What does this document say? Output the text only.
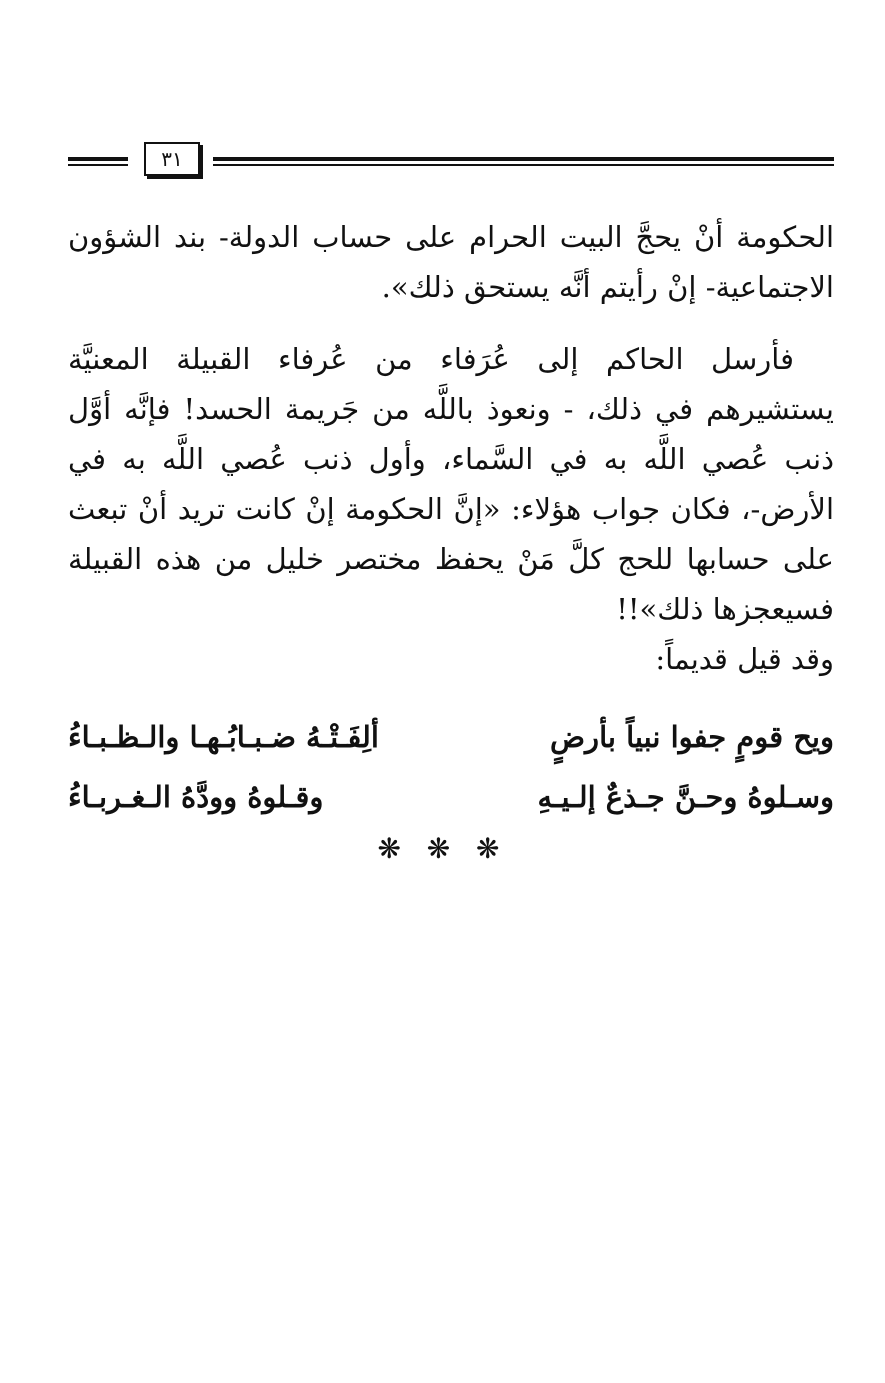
٣١

الحكومة أنْ يحجَّ البيت الحرام على حساب الدولة- بند الشؤون الاجتماعية- إنْ رأيتم أنَّه يستحق ذلك».

فأرسل الحاكم إلى عُرَفاء من عُرفاء القبيلة المعنيَّة يستشيرهم في ذلك، - ونعوذ باللَّه من جَريمة الحسد! فإنَّه أوَّل ذنب عُصي اللَّه به في السَّماء، وأول ذنب عُصي اللَّه به في الأرض-، فكان جواب هؤلاء: «إنَّ الحكومة إنْ كانت تريد أنْ تبعث على حسابها للحج كلَّ مَنْ يحفظ مختصر خليل من هذه القبيلة فسيعجزها ذلك»!!

وقد قيل قديماً:

ويح قومٍ جفوا نبياً بأرضٍ
ألِفَـتْـهُ ضـبـابُـهـا والـظـبـاءُ
وسـلوهُ وحـنَّ جـذعٌ إلـيـهِ
وقـلوهُ وودَّهُ الـغـربـاءُ
❋ ❋ ❋
